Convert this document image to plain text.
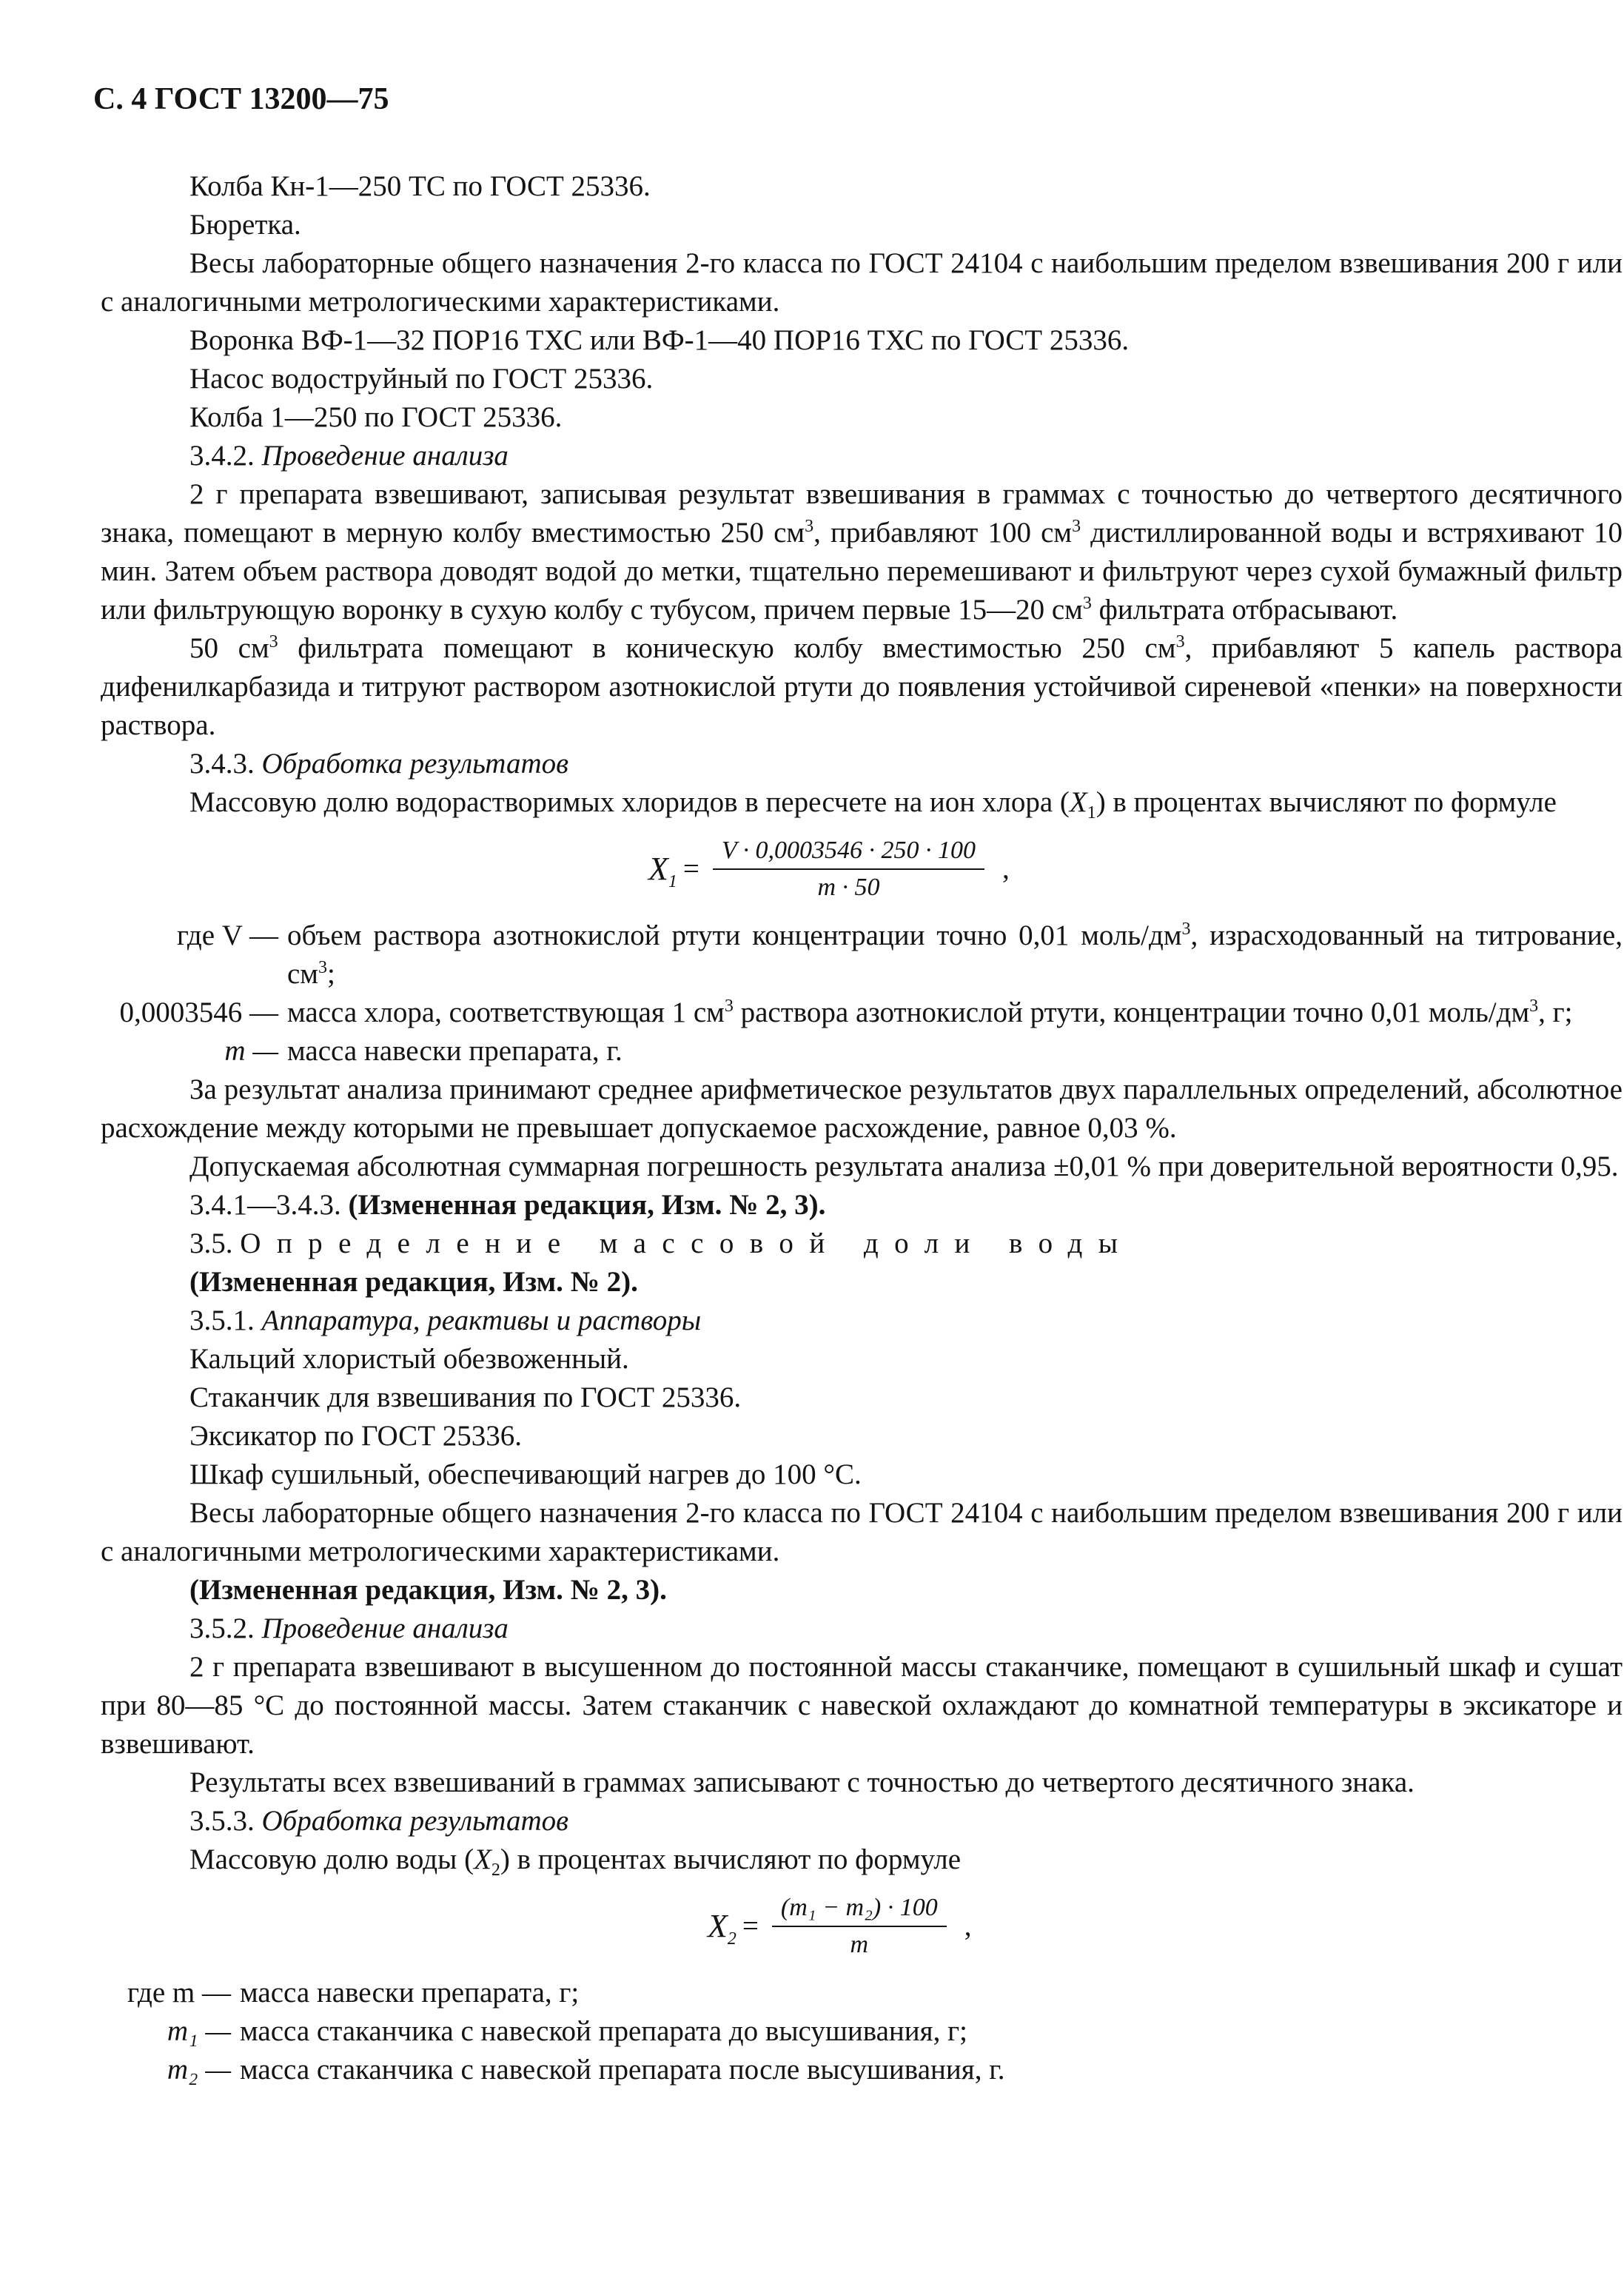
С. 4 ГОСТ 13200—75

Колба Кн-1—250 ТС по ГОСТ 25336.

Бюретка.

Весы лабораторные общего назначения 2-го класса по ГОСТ 24104 с наибольшим пределом взвешивания 200 г или с аналогичными метрологическими характеристиками.

Воронка ВФ-1—32 ПОР16 ТХС или ВФ-1—40 ПОР16 ТХС по ГОСТ 25336.

Насос водоструйный по ГОСТ 25336.

Колба 1—250 по ГОСТ 25336.

3.4.2. Проведение анализа

2 г препарата взвешивают, записывая результат взвешивания в граммах с точностью до четвертого десятичного знака, помещают в мерную колбу вместимостью 250 $см^3$, прибавляют 100 $см^3$ дистиллированной воды и встряхивают 10 мин. Затем объем раствора доводят водой до метки, тщательно перемешивают и фильтруют через сухой бумажный фильтр или фильтрующую воронку в сухую колбу с тубусом, причем первые 15—20 $см^3$ фильтрата отбрасывают.

50 $см^3$ фильтрата помещают в коническую колбу вместимостью 250 $см^3$, прибавляют 5 капель раствора дифенилкарбазида и титруют раствором азотнокислой ртути до появления устойчивой сиреневой «пенки» на поверхности раствора.

3.4.3. Обработка результатов

Массовую долю водорастворимых хлоридов в пересчете на ион хлора $(X_1)$ в процентах вычисляют по формуле

$X_1 = \frac{V \cdot 0,0003546 \cdot 250 \cdot 100}{m \cdot 50}$ ,
где V — объем раствора азотнокислой ртути концентрации точно 0,01 моль/$дм^3$, израсходованный на титрование, $см^3$;
0,0003546 — масса хлора, соответствующая 1 $см^3$ раствора азотнокислой ртути, концентрации точно 0,01 моль/$дм^3$, г;
m — масса навески препарата, г.

За результат анализа принимают среднее арифметическое результатов двух параллельных определений, абсолютное расхождение между которыми не превышает допускаемое расхождение, равное 0,03 %.

Допускаемая абсолютная суммарная погрешность результата анализа ±0,01 % при доверительной вероятности 0,95.

3.4.1—3.4.3. (Измененная редакция, Изм. № 2, 3).

3.5. Определение массовой доли воды

(Измененная редакция, Изм. № 2).

3.5.1. Аппаратура, реактивы и растворы

Кальций хлористый обезвоженный.

Стаканчик для взвешивания по ГОСТ 25336.

Эксикатор по ГОСТ 25336.

Шкаф сушильный, обеспечивающий нагрев до 100 °С.

Весы лабораторные общего назначения 2-го класса по ГОСТ 24104 с наибольшим пределом взвешивания 200 г или с аналогичными метрологическими характеристиками.

(Измененная редакция, Изм. № 2, 3).

3.5.2. Проведение анализа

2 г препарата взвешивают в высушенном до постоянной массы стаканчике, помещают в сушильный шкаф и сушат при 80—85 °С до постоянной массы. Затем стаканчик с навеской охлаждают до комнатной температуры в эксикаторе и взвешивают.

Результаты всех взвешиваний в граммах записывают с точностью до четвертого десятичного знака.

3.5.3. Обработка результатов

Массовую долю воды $(X_2)$ в процентах вычисляют по формуле

$X_2 = \frac{\text{(m₁ − m₂) · 100}}{m}$ ,
где m — масса навески препарата, г;
m₁ — масса стаканчика с навеской препарата до высушивания, г;
m₂ — масса стаканчика с навеской препарата после высушивания, г.
